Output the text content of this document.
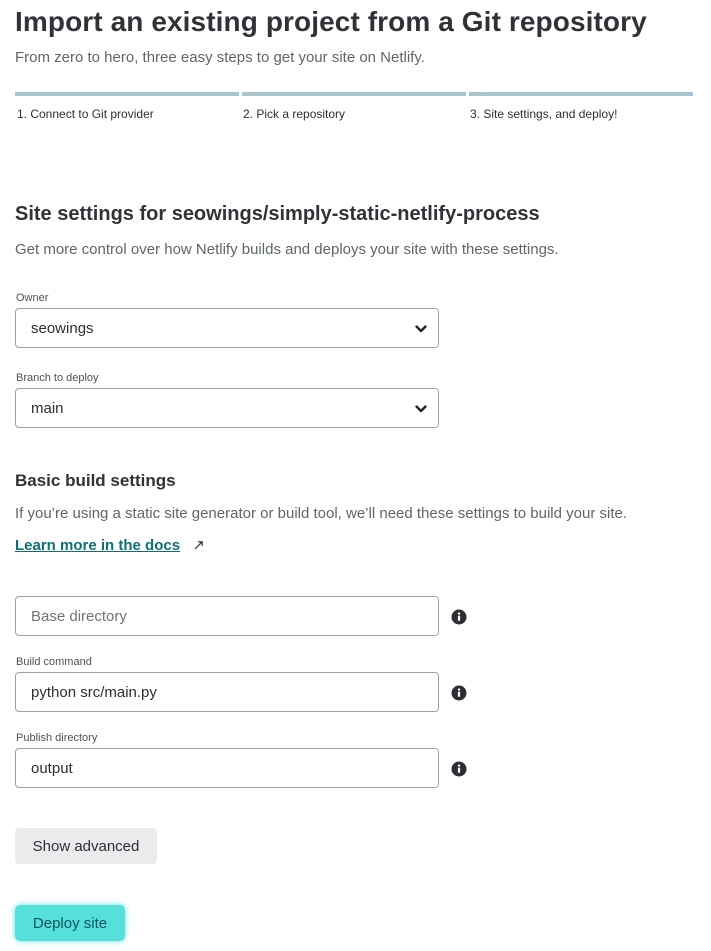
Import an existing project from a Git repository
From zero to hero, three easy steps to get your site on Netlify.
1. Connect to Git provider	2. Pick a repository	3. Site settings, and deploy!
Site settings for seowings/simply-static-netlify-process
Get more control over how Netlify builds and deploys your site with these settings.
Owner
seowings
Branch to deploy
main
Basic build settings
If you’re using a static site generator or build tool, we’ll need these settings to build your site.
Learn more in the docs
Base directory
Build command
python src/main.py
Publish directory
output
Show advanced
Deploy site
